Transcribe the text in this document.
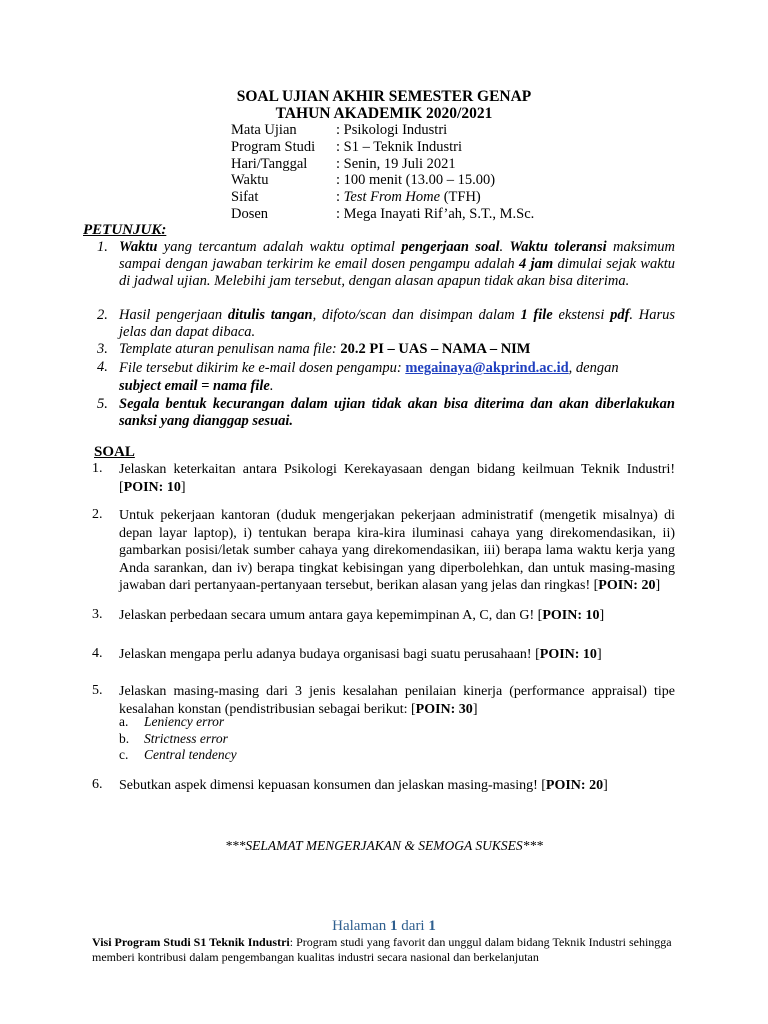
SOAL UJIAN AKHIR SEMESTER GENAP
TAHUN AKADEMIK 2020/2021
Mata Ujian	: Psikologi Industri
Program Studi : S1 – Teknik Industri
Hari/Tanggal : Senin, 19 Juli 2021
Waktu	: 100 menit (13.00 – 15.00)
Sifat	: Test From Home (TFH)
Dosen	: Mega Inayati Rif’ah, S.T., M.Sc.
PETUNJUK:
1. Waktu yang tercantum adalah waktu optimal pengerjaan soal. Waktu toleransi maksimum sampai dengan jawaban terkirim ke email dosen pengampu adalah 4 jam dimulai sejak waktu di jadwal ujian. Melebihi jam tersebut, dengan alasan apapun tidak akan bisa diterima.
2. Hasil pengerjaan ditulis tangan, difoto/scan dan disimpan dalam 1 file ekstensi pdf. Harus jelas dan dapat dibaca.
3. Template aturan penulisan nama file: 20.2 PI – UAS – NAMA – NIM
4. File tersebut dikirim ke e-mail dosen pengampu: megainaya@akprind.ac.id, dengan
subject email = nama file.
5. Segala bentuk kecurangan dalam ujian tidak akan bisa diterima dan akan diberlakukan sanksi yang dianggap sesuai.
SOAL
1. Jelaskan keterkaitan antara Psikologi Kerekayasaan dengan bidang keilmuan Teknik Industri! [POIN: 10]
2. Untuk pekerjaan kantoran (duduk mengerjakan pekerjaan administratif (mengetik misalnya) di depan layar laptop), i) tentukan berapa kira-kira iluminasi cahaya yang direkomendasikan, ii) gambarkan posisi/letak sumber cahaya yang direkomendasikan, iii) berapa lama waktu kerja yang Anda sarankan, dan iv) berapa tingkat kebisingan yang diperbolehkan, dan untuk masing-masing jawaban dari pertanyaan-pertanyaan tersebut, berikan alasan yang jelas dan ringkas! [POIN: 20]
3. Jelaskan perbedaan secara umum antara gaya kepemimpinan A, C, dan G! [POIN: 10]
4. Jelaskan mengapa perlu adanya budaya organisasi bagi suatu perusahaan! [POIN: 10]
5. Jelaskan masing-masing dari 3 jenis kesalahan penilaian kinerja (performance appraisal) tipe kesalahan konstan (pendistribusian sebagai berikut: [POIN: 30]
a. Leniency error
b. Strictness error
c. Central tendency
6. Sebutkan aspek dimensi kepuasan konsumen dan jelaskan masing-masing! [POIN: 20]
***SELAMAT MENGERJAKAN & SEMOGA SUKSES***
Halaman 1 dari 1
Visi Program Studi S1 Teknik Industri: Program studi yang favorit dan unggul dalam bidang Teknik Industri sehingga memberi kontribusi dalam pengembangan kualitas industri secara nasional dan berkelanjutan
